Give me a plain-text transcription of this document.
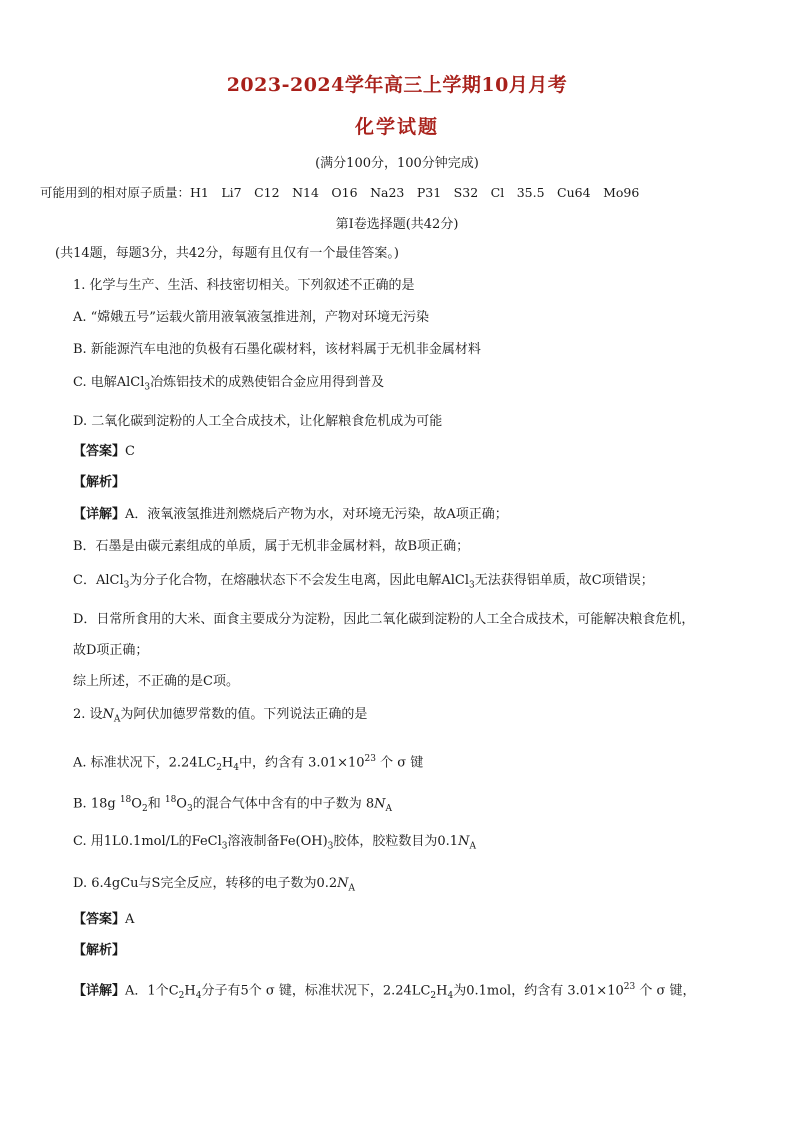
2023-2024学年高三上学期10月月考
化学试题
(满分100分，100分钟完成)
可能用到的相对原子质量：H1　Li7　C12　N14　O16　Na23　P31　S32　Cl　35.5　Cu64　Mo96
第Ⅰ卷选择题(共42分)
(共14题，每题3分，共42分，每题有且仅有一个最佳答案。)
1. 化学与生产、生活、科技密切相关。下列叙述不正确的是
A. “嫦娥五号”运载火箭用液氧液氢推进剂，产物对环境无污染
B. 新能源汽车电池的负极有石墨化碳材料，该材料属于无机非金属材料
C. 电解AlCl$_3$冶炼铝技术的成熟使铝合金应用得到普及
D. 二氧化碳到淀粉的人工全合成技术，让化解粮食危机成为可能
【答案】C
【解析】
【详解】A．液氧液氢推进剂燃烧后产物为水，对环境无污染，故A项正确；
B．石墨是由碳元素组成的单质，属于无机非金属材料，故B项正确；
C．AlCl$_3$为分子化合物，在熔融状态下不会发生电离，因此电解AlCl$_3$无法获得铝单质，故C项错误；
D．日常所食用的大米、面食主要成分为淀粉，因此二氧化碳到淀粉的人工全合成技术，可能解决粮食危机，
故D项正确；
综上所述，不正确的是C项。
2. 设$N_A$为阿伏加德罗常数的值。下列说法正确的是
A. 标准状况下，$2.24LC_2H_4$中，约含有 $3.01\times 10^{23}$ 个 σ 键
B. 18g $^{18}O_2$和 $^{18}O_3$的混合气体中含有的中子数为 $8N_A$
C. 用1L0.1mol/L的FeCl$_3$溶液制备$Fe(OH)_3$胶体，胶粒数目为$0.1N_A$
D. 6.4gCu与S完全反应，转移的电子数为$0.2N_A$
【答案】A
【解析】
【详解】A．1个$C_2H_4$分子有5个 σ 键，标准状况下，$2.24LC_2H_4$为0.1mol，约含有 $3.01\times 10^{23}$ 个 σ 键，
